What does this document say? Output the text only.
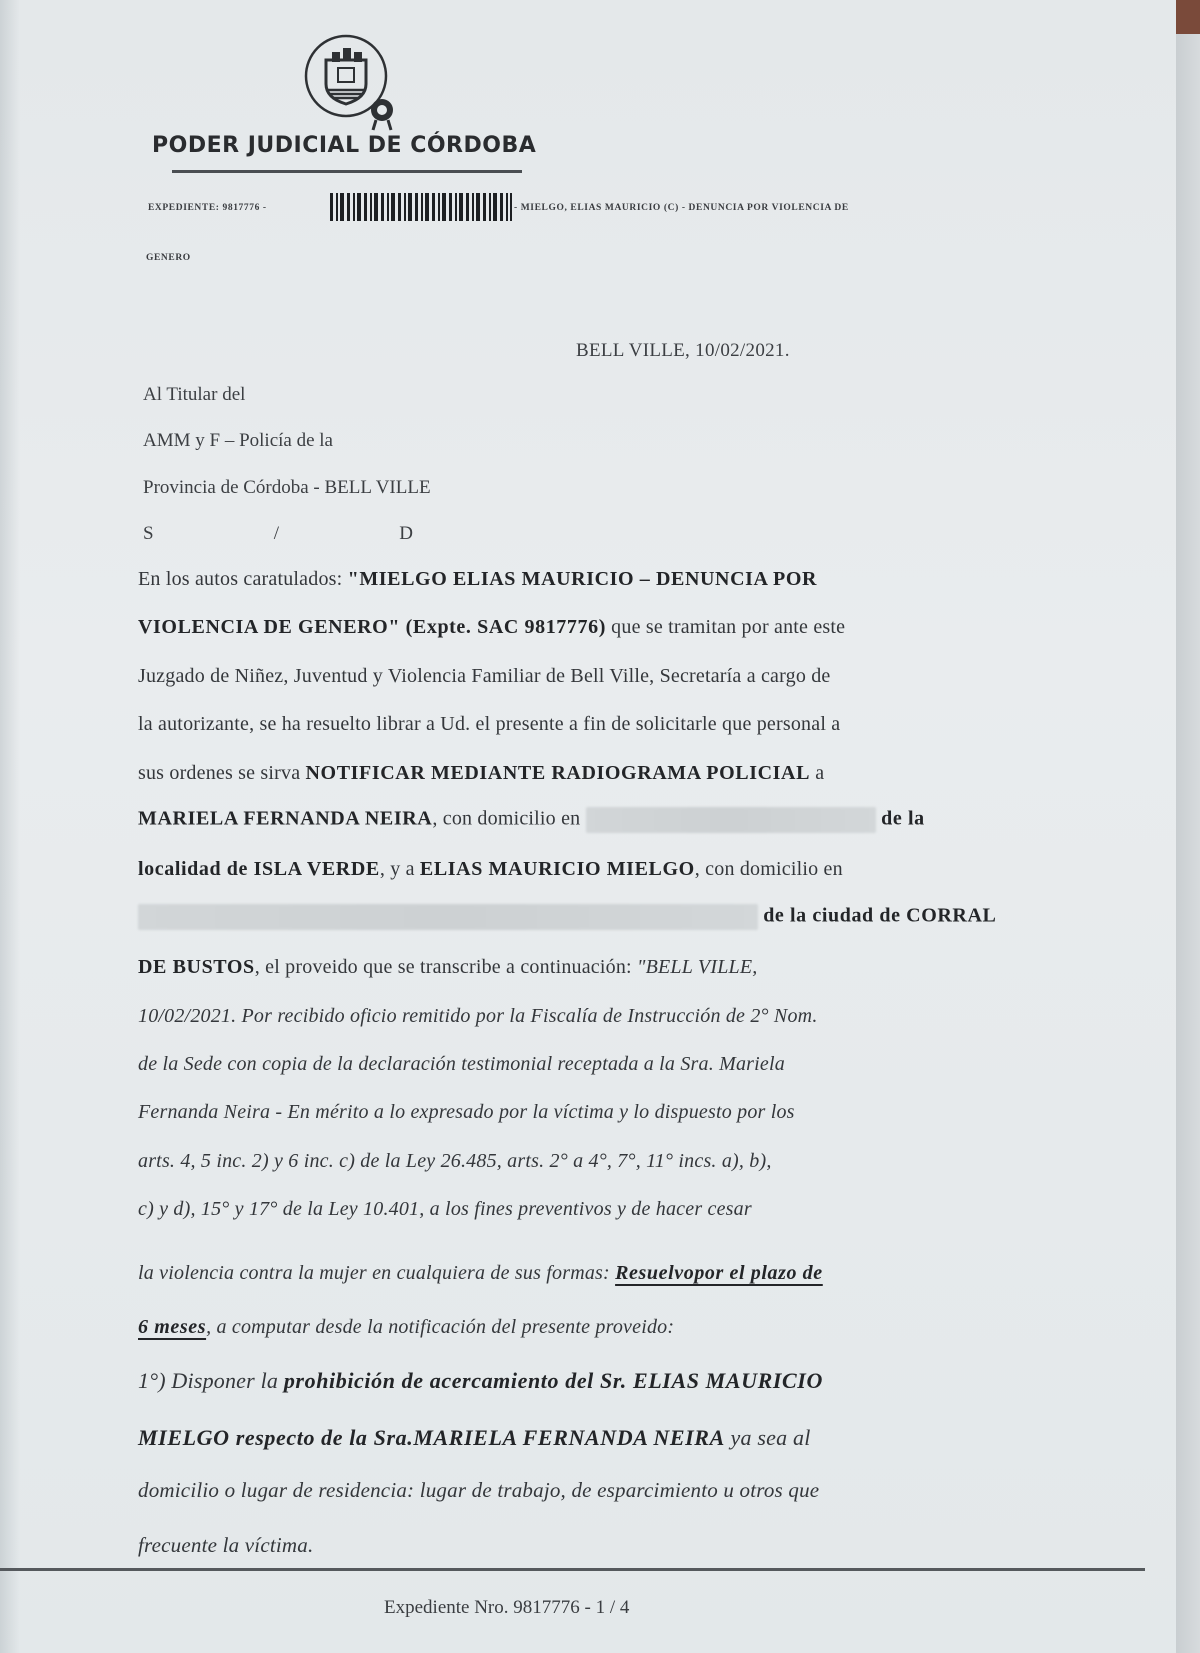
PODER JUDICIAL DE CÓRDOBA
EXPEDIENTE: 9817776 -	- MIELGO, ELIAS MAURICIO (C) - DENUNCIA POR VIOLENCIA DE
GENERO
BELL VILLE, 10/02/2021.
Al Titular del
AMM y F – Policía de la
Provincia de Córdoba - BELL VILLE
S	/	D
En los autos caratulados: "MIELGO ELIAS MAURICIO – DENUNCIA POR
VIOLENCIA DE GENERO" (Expte. SAC 9817776) que se tramitan por ante este
Juzgado de Niñez, Juventud y Violencia Familiar de Bell Ville, Secretaría a cargo de
la autorizante, se ha resuelto librar a Ud. el presente a fin de solicitarle que personal a
sus ordenes se sirva NOTIFICAR MEDIANTE RADIOGRAMA POLICIAL a
MARIELA FERNANDA NEIRA, con domicilio en	de la
localidad de ISLA VERDE, y a ELIAS MAURICIO MIELGO, con domicilio en
de la ciudad de CORRAL
DE BUSTOS, el proveido que se transcribe a continuación: "BELL VILLE,
10/02/2021. Por recibido oficio remitido por la Fiscalía de Instrucción de 2° Nom.
de la Sede con copia de la declaración testimonial receptada a la Sra. Mariela
Fernanda Neira - En mérito a lo expresado por la víctima y lo dispuesto por los
arts. 4, 5 inc. 2) y 6 inc. c) de la Ley 26.485, arts. 2° a 4°, 7°, 11° incs. a), b),
c) y d), 15° y 17° de la Ley 10.401, a los fines preventivos y de hacer cesar
la violencia contra la mujer en cualquiera de sus formas: Resuelvopor el plazo de
6 meses, a computar desde la notificación del presente proveido:
1°) Disponer la prohibición de acercamiento del Sr. ELIAS MAURICIO
MIELGO respecto de la Sra.MARIELA FERNANDA NEIRA ya sea al
domicilio o lugar de residencia: lugar de trabajo, de esparcimiento u otros que
frecuente la víctima.
Expediente Nro. 9817776 - 1 / 4
